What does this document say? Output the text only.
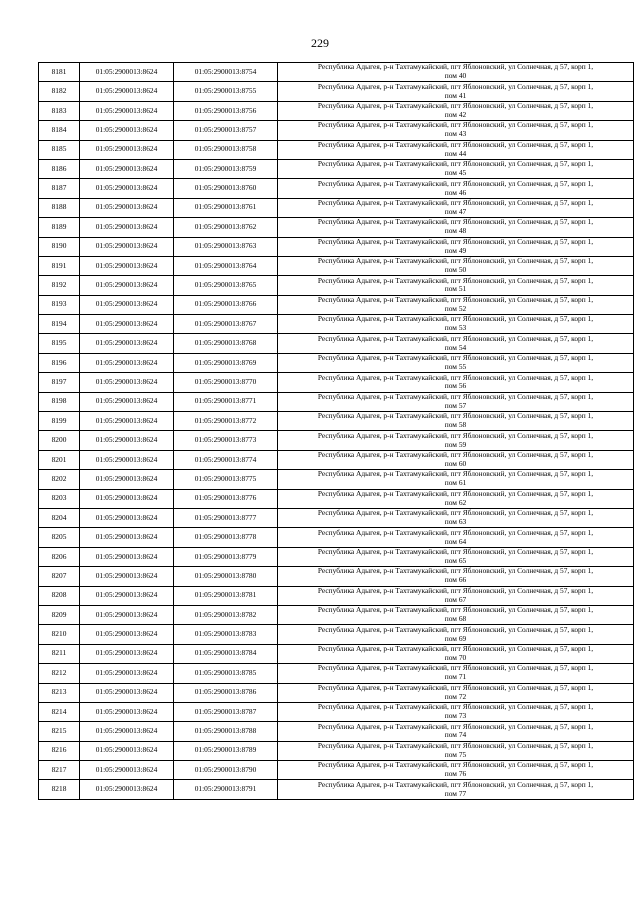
229
8181	01:05:2900013:8624	01:05:2900013:8754	Республика Адыгея, р-н Тахтамукайский, пгт Яблоновский, ул Солнечная, д 57, корп 1,
пом 40

8182	01:05:2900013:8624	01:05:2900013:8755	Республика Адыгея, р-н Тахтамукайский, пгт Яблоновский, ул Солнечная, д 57, корп 1,
пом 41

8183	01:05:2900013:8624	01:05:2900013:8756	Республика Адыгея, р-н Тахтамукайский, пгт Яблоновский, ул Солнечная, д 57, корп 1,
пом 42

8184	01:05:2900013:8624	01:05:2900013:8757	Республика Адыгея, р-н Тахтамукайский, пгт Яблоновский, ул Солнечная, д 57, корп 1,
пом 43

8185	01:05:2900013:8624	01:05:2900013:8758	Республика Адыгея, р-н Тахтамукайский, пгт Яблоновский, ул Солнечная, д 57, корп 1,
пом 44

8186	01:05:2900013:8624	01:05:2900013:8759	Республика Адыгея, р-н Тахтамукайский, пгт Яблоновский, ул Солнечная, д 57, корп 1,
пом 45

8187	01:05:2900013:8624	01:05:2900013:8760	Республика Адыгея, р-н Тахтамукайский, пгт Яблоновский, ул Солнечная, д 57, корп 1,
пом 46

8188	01:05:2900013:8624	01:05:2900013:8761	Республика Адыгея, р-н Тахтамукайский, пгт Яблоновский, ул Солнечная, д 57, корп 1,
пом 47

8189	01:05:2900013:8624	01:05:2900013:8762	Республика Адыгея, р-н Тахтамукайский, пгт Яблоновский, ул Солнечная, д 57, корп 1,
пом 48

8190	01:05:2900013:8624	01:05:2900013:8763	Республика Адыгея, р-н Тахтамукайский, пгт Яблоновский, ул Солнечная, д 57, корп 1,
пом 49

8191	01:05:2900013:8624	01:05:2900013:8764	Республика Адыгея, р-н Тахтамукайский, пгт Яблоновский, ул Солнечная, д 57, корп 1,
пом 50

8192	01:05:2900013:8624	01:05:2900013:8765	Республика Адыгея, р-н Тахтамукайский, пгт Яблоновский, ул Солнечная, д 57, корп 1,
пом 51

8193	01:05:2900013:8624	01:05:2900013:8766	Республика Адыгея, р-н Тахтамукайский, пгт Яблоновский, ул Солнечная, д 57, корп 1,
пом 52

8194	01:05:2900013:8624	01:05:2900013:8767	Республика Адыгея, р-н Тахтамукайский, пгт Яблоновский, ул Солнечная, д 57, корп 1,
пом 53

8195	01:05:2900013:8624	01:05:2900013:8768	Республика Адыгея, р-н Тахтамукайский, пгт Яблоновский, ул Солнечная, д 57, корп 1,
пом 54

8196	01:05:2900013:8624	01:05:2900013:8769	Республика Адыгея, р-н Тахтамукайский, пгт Яблоновский, ул Солнечная, д 57, корп 1,
пом 55

8197	01:05:2900013:8624	01:05:2900013:8770	Республика Адыгея, р-н Тахтамукайский, пгт Яблоновский, ул Солнечная, д 57, корп 1,
пом 56

8198	01:05:2900013:8624	01:05:2900013:8771	Республика Адыгея, р-н Тахтамукайский, пгт Яблоновский, ул Солнечная, д 57, корп 1,
пом 57

8199	01:05:2900013:8624	01:05:2900013:8772	Республика Адыгея, р-н Тахтамукайский, пгт Яблоновский, ул Солнечная, д 57, корп 1,
пом 58

8200	01:05:2900013:8624	01:05:2900013:8773	Республика Адыгея, р-н Тахтамукайский, пгт Яблоновский, ул Солнечная, д 57, корп 1,
пом 59

8201	01:05:2900013:8624	01:05:2900013:8774	Республика Адыгея, р-н Тахтамукайский, пгт Яблоновский, ул Солнечная, д 57, корп 1,
пом 60

8202	01:05:2900013:8624	01:05:2900013:8775	Республика Адыгея, р-н Тахтамукайский, пгт Яблоновский, ул Солнечная, д 57, корп 1,
пом 61

8203	01:05:2900013:8624	01:05:2900013:8776	Республика Адыгея, р-н Тахтамукайский, пгт Яблоновский, ул Солнечная, д 57, корп 1,
пом 62

8204	01:05:2900013:8624	01:05:2900013:8777	Республика Адыгея, р-н Тахтамукайский, пгт Яблоновский, ул Солнечная, д 57, корп 1,
пом 63

8205	01:05:2900013:8624	01:05:2900013:8778	Республика Адыгея, р-н Тахтамукайский, пгт Яблоновский, ул Солнечная, д 57, корп 1,
пом 64

8206	01:05:2900013:8624	01:05:2900013:8779	Республика Адыгея, р-н Тахтамукайский, пгт Яблоновский, ул Солнечная, д 57, корп 1,
пом 65

8207	01:05:2900013:8624	01:05:2900013:8780	Республика Адыгея, р-н Тахтамукайский, пгт Яблоновский, ул Солнечная, д 57, корп 1,
пом 66

8208	01:05:2900013:8624	01:05:2900013:8781	Республика Адыгея, р-н Тахтамукайский, пгт Яблоновский, ул Солнечная, д 57, корп 1,
пом 67

8209	01:05:2900013:8624	01:05:2900013:8782	Республика Адыгея, р-н Тахтамукайский, пгт Яблоновский, ул Солнечная, д 57, корп 1,
пом 68

8210	01:05:2900013:8624	01:05:2900013:8783	Республика Адыгея, р-н Тахтамукайский, пгт Яблоновский, ул Солнечная, д 57, корп 1,
пом 69

8211	01:05:2900013:8624	01:05:2900013:8784	Республика Адыгея, р-н Тахтамукайский, пгт Яблоновский, ул Солнечная, д 57, корп 1,
пом 70

8212	01:05:2900013:8624	01:05:2900013:8785	Республика Адыгея, р-н Тахтамукайский, пгт Яблоновский, ул Солнечная, д 57, корп 1,
пом 71

8213	01:05:2900013:8624	01:05:2900013:8786	Республика Адыгея, р-н Тахтамукайский, пгт Яблоновский, ул Солнечная, д 57, корп 1,
пом 72

8214	01:05:2900013:8624	01:05:2900013:8787	Республика Адыгея, р-н Тахтамукайский, пгт Яблоновский, ул Солнечная, д 57, корп 1,
пом 73

8215	01:05:2900013:8624	01:05:2900013:8788	Республика Адыгея, р-н Тахтамукайский, пгт Яблоновский, ул Солнечная, д 57, корп 1,
пом 74

8216	01:05:2900013:8624	01:05:2900013:8789	Республика Адыгея, р-н Тахтамукайский, пгт Яблоновский, ул Солнечная, д 57, корп 1,
пом 75

8217	01:05:2900013:8624	01:05:2900013:8790	Республика Адыгея, р-н Тахтамукайский, пгт Яблоновский, ул Солнечная, д 57, корп 1,
пом 76

8218	01:05:2900013:8624	01:05:2900013:8791	Республика Адыгея, р-н Тахтамукайский, пгт Яблоновский, ул Солнечная, д 57, корп 1,
пом 77
